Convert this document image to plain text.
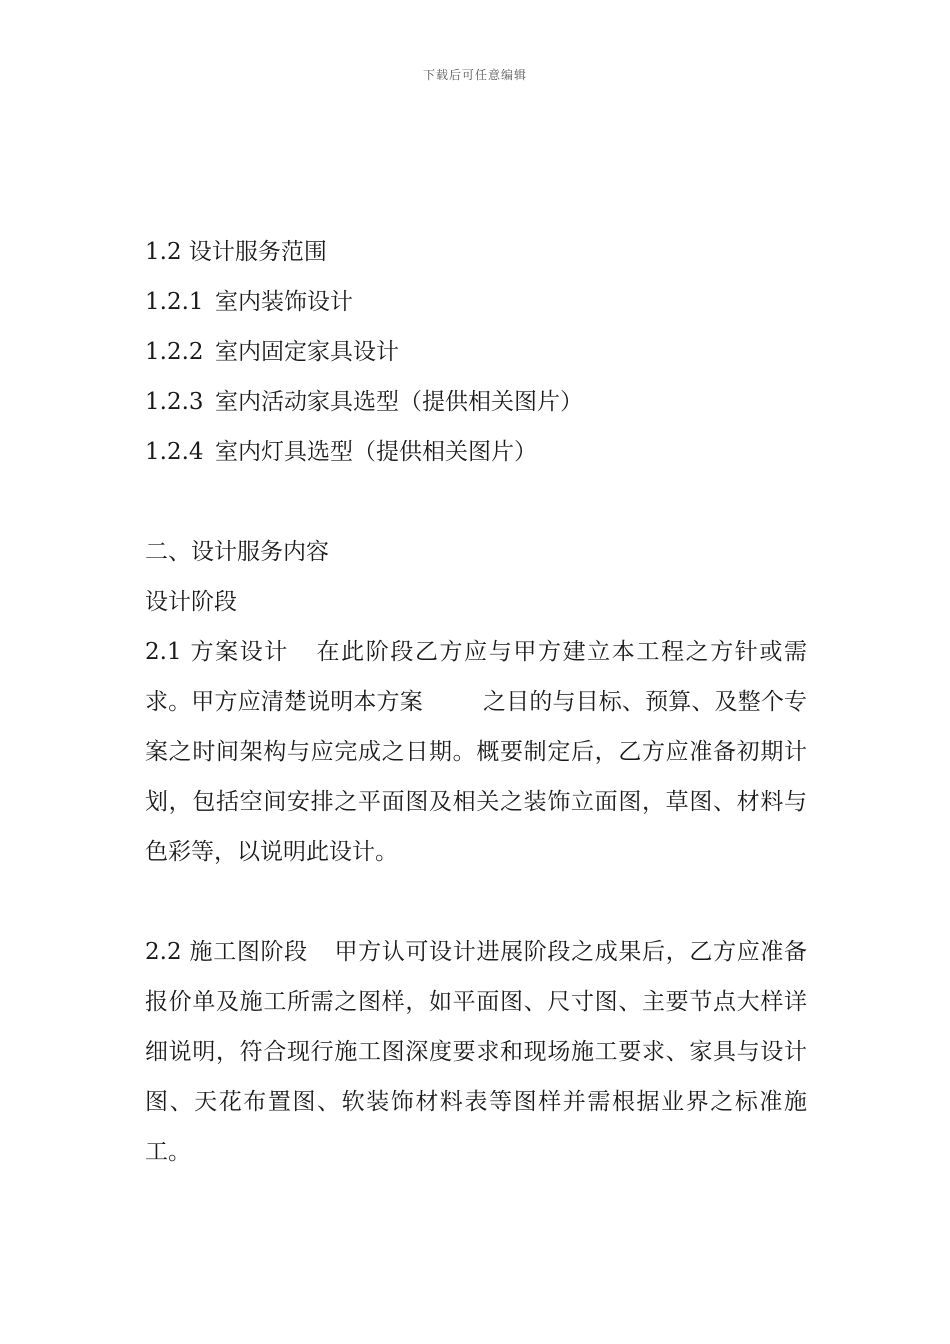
下载后可任意编辑
1.2 设计服务范围
1.2.1 室内装饰设计
1.2.2 室内固定家具设计
1.2.3 室内活动家具选型（提供相关图片）
1.2.4 室内灯具选型（提供相关图片）
二、设计服务内容
设计阶段
2.1 方案设计 在此阶段乙方应与甲方建立本工程之方针或需求。甲方应清楚说明本方案	之目的与目标、预算、及整个专案之时间架构与应完成之日期。概要制定后，乙方应准备初期计划，包括空间安排之平面图及相关之装饰立面图，草图、材料与色彩等，以说明此设计。
2.2 施工图阶段 甲方认可设计进展阶段之成果后，乙方应准备报价单及施工所需之图样，如平面图、尺寸图、主要节点大样详细说明，符合现行施工图深度要求和现场施工要求、家具与设计图、天花布置图、软装饰材料表等图样并需根据业界之标准施工。
